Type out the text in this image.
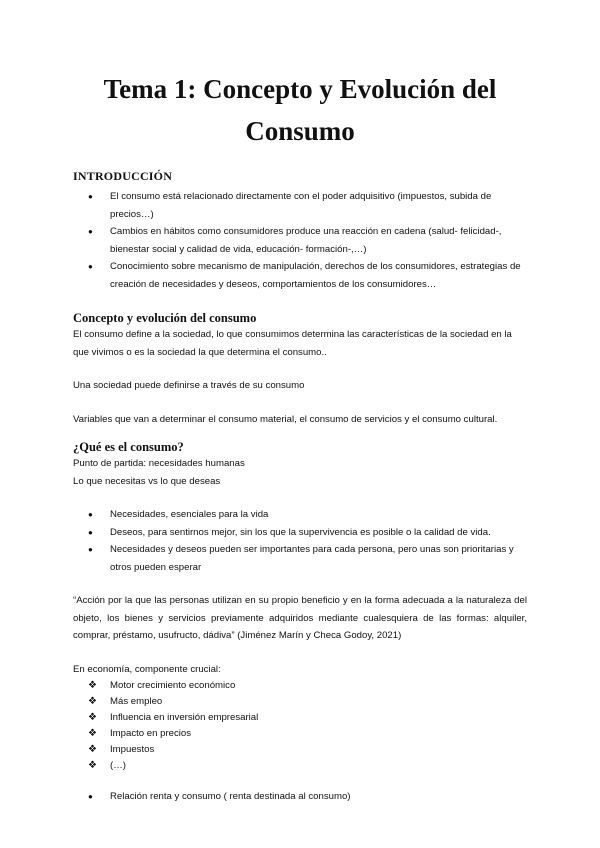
Tema 1: Concepto y Evolución del Consumo
INTRODUCCIÓN
● El consumo está relacionado directamente con el poder adquisitivo (impuestos, subida de precios…)
● Cambios en hábitos como consumidores produce una reacción en cadena (salud- felicidad-, bienestar social y calidad de vida, educación- formación-,…)
● Conocimiento sobre mecanismo de manipulación, derechos de los consumidores, estrategias de creación de necesidades y deseos, comportamientos de los consumidores…
Concepto y evolución del consumo

El consumo define a la sociedad, lo que consumimos determina las características de la sociedad en la que vivimos o es la sociedad la que determina el consumo..

Una sociedad puede definirse a través de su consumo

Variables que van a determinar el consumo material, el consumo de servicios y el consumo cultural.

¿Qué es el consumo?

Punto de partida: necesidades humanas

Lo que necesitas vs lo que deseas

● Necesidades, esenciales para la vida
● Deseos, para sentirnos mejor, sin los que la supervivencia es posible o la calidad de vida.
● Necesidades y deseos pueden ser importantes para cada persona, pero unas son prioritarias y otros pueden esperar

“Acción por la que las personas utilizan en su propio beneficio y en la forma adecuada a la naturaleza del objeto, los bienes y servicios previamente adquiridos mediante cualesquiera de las formas: alquiler, comprar, préstamo, usufructo, dádiva” (Jiménez Marín y Checa Godoy, 2021)

En economía, componente crucial:

❖ Motor crecimiento económico
❖ Más empleo
❖ Influencia en inversión empresarial
❖ Impacto en precios
❖ Impuestos
❖ (…)
● Relación renta y consumo ( renta destinada al consumo)
